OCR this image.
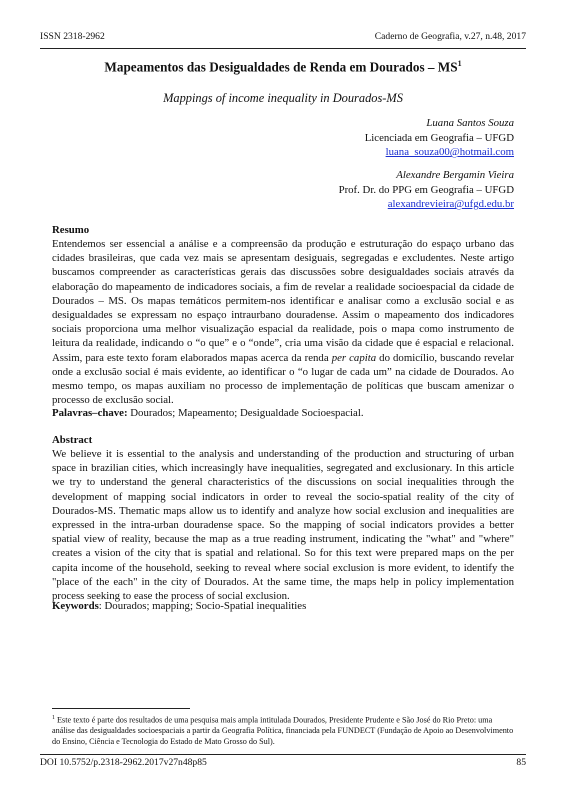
ISSN 2318-2962	Caderno de Geografia, v.27, n.48, 2017
Mapeamentos das Desigualdades de Renda em Dourados – $MS^1$
Mappings of income inequality in Dourados-MS
Luana Santos Souza
Licenciada em Geografia – UFGD
luana_souza00@hotmail.com
Alexandre Bergamin Vieira
Prof. Dr. do PPG em Geografia – UFGD
alexandrevieira@ufgd.edu.br
Resumo
Entendemos ser essencial a análise e a compreensão da produção e estruturação do espaço urbano das cidades brasileiras, que cada vez mais se apresentam desiguais, segregadas e excludentes. Neste artigo buscamos compreender as características gerais das discussões sobre desigualdades sociais através da elaboração do mapeamento de indicadores sociais, a fim de revelar a realidade socioespacial da cidade de Dourados – MS. Os mapas temáticos permitem-nos identificar e analisar como a exclusão social e as desigualdades se expressam no espaço intraurbano douradense. Assim o mapeamento dos indicadores sociais proporciona uma melhor visualização espacial da realidade, pois o mapa como instrumento de leitura da realidade, indicando o “o que” e o “onde”, cria uma visão da cidade que é espacial e relacional. Assim, para este texto foram elaborados mapas acerca da renda per capita do domicílio, buscando revelar onde a exclusão social é mais evidente, ao identificar o “o lugar de cada um” na cidade de Dourados. Ao mesmo tempo, os mapas auxiliam no processo de implementação de políticas que buscam amenizar o processo de exclusão social.
Palavras–chave: Dourados; Mapeamento; Desigualdade Socioespacial.
Abstract
We believe it is essential to the analysis and understanding of the production and structuring of urban space in brazilian cities, which increasingly have inequalities, segregated and exclusionary. In this article we try to understand the general characteristics of the discussions on social inequalities through the development of mapping social indicators in order to reveal the socio-spatial reality of the city of Dourados-MS. Thematic maps allow us to identify and analyze how social exclusion and inequalities are expressed in the intra-urban douradense space. So the mapping of social indicators provides a better spatial view of reality, because the map as a true reading instrument, indicating the "what" and "where" creates a vision of the city that is spatial and relational. So for this text were prepared maps on the per capita income of the household, seeking to reveal where social exclusion is more evident, to identify the "place of the each" in the city of Dourados. At the same time, the maps help in policy implementation process seeking to ease the process of social exclusion.
Keywords: Dourados; mapping; Socio-Spatial inequalities
$^1$ Este texto é parte dos resultados de uma pesquisa mais ampla intitulada Dourados, Presidente Prudente e São José do Rio Preto: uma análise das desigualdades socioespaciais a partir da Geografia Política, financiada pela FUNDECT (Fundação de Apoio ao Desenvolvimento do Ensino, Ciência e Tecnologia do Estado de Mato Grosso do Sul).
DOI 10.5752/p.2318-2962.2017v27n48p85	85
